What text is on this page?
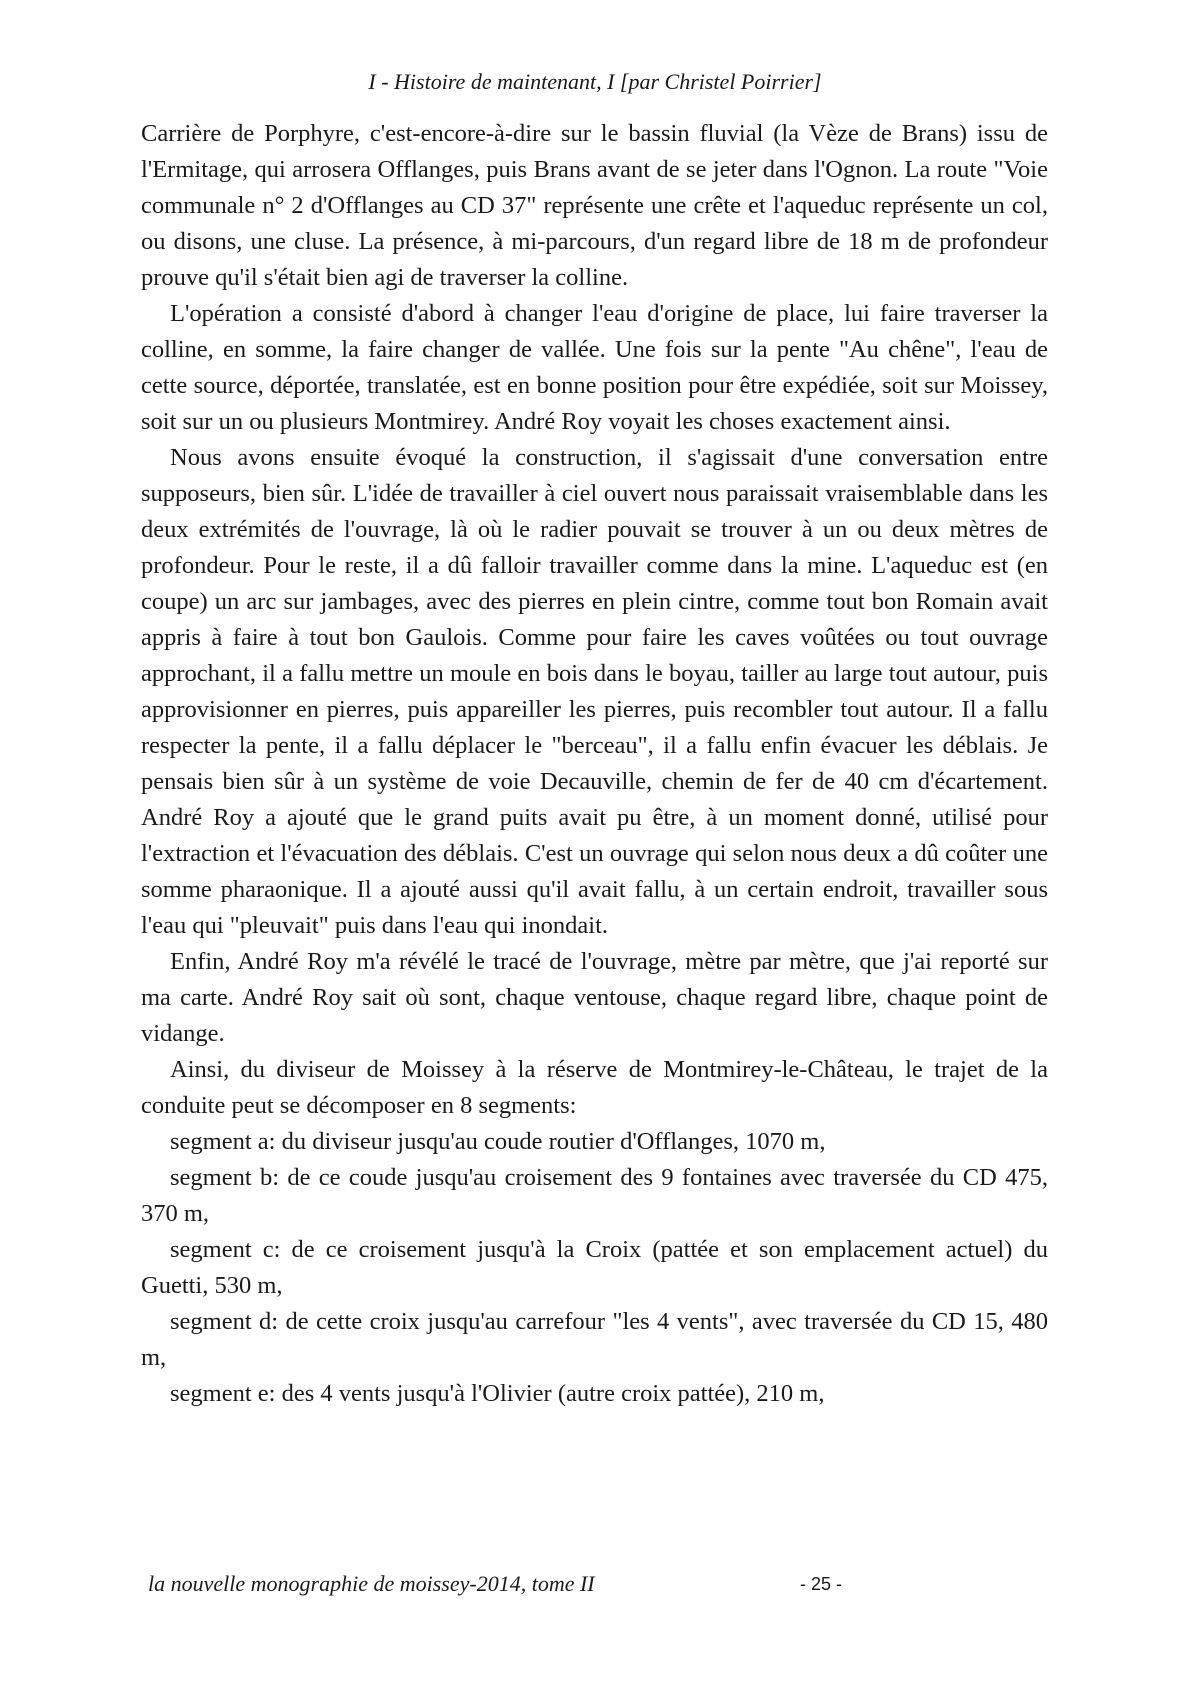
I - Histoire de maintenant, I [par Christel Poirrier]

Carrière de Porphyre, c'est-encore-à-dire sur le bassin fluvial (la Vèze de Brans) issu de l'Ermitage, qui arrosera Offlanges, puis Brans avant de se jeter dans l'Ognon. La route "Voie communale n° 2 d'Offlanges au CD 37" représente une crête et l'aqueduc représente un col, ou disons, une cluse. La présence, à mi-parcours, d'un regard libre de 18 m de profondeur prouve qu'il s'était bien agi de traverser la colline.

L'opération a consisté d'abord à changer l'eau d'origine de place, lui faire traverser la colline, en somme, la faire changer de vallée. Une fois sur la pente "Au chêne", l'eau de cette source, déportée, translatée, est en bonne position pour être expédiée, soit sur Moissey, soit sur un ou plusieurs Montmirey. André Roy voyait les choses exactement ainsi.

Nous avons ensuite évoqué la construction, il s'agissait d'une conversation entre supposeurs, bien sûr. L'idée de travailler à ciel ouvert nous paraissait vraisemblable dans les deux extrémités de l'ouvrage, là où le radier pouvait se trouver à un ou deux mètres de profondeur. Pour le reste, il a dû falloir travailler comme dans la mine. L'aqueduc est (en coupe) un arc sur jambages, avec des pierres en plein cintre, comme tout bon Romain avait appris à faire à tout bon Gaulois. Comme pour faire les caves voûtées ou tout ouvrage approchant, il a fallu mettre un moule en bois dans le boyau, tailler au large tout autour, puis approvisionner en pierres, puis appareiller les pierres, puis recombler tout autour. Il a fallu respecter la pente, il a fallu déplacer le "berceau", il a fallu enfin évacuer les déblais. Je pensais bien sûr à un système de voie Decauville, chemin de fer de 40 cm d'écartement. André Roy a ajouté que le grand puits avait pu être, à un moment donné, utilisé pour l'extraction et l'évacuation des déblais. C'est un ouvrage qui selon nous deux a dû coûter une somme pharaonique. Il a ajouté aussi qu'il avait fallu, à un certain endroit, travailler sous l'eau qui "pleuvait" puis dans l'eau qui inondait.

Enfin, André Roy m'a révélé le tracé de l'ouvrage, mètre par mètre, que j'ai reporté sur ma carte. André Roy sait où sont, chaque ventouse, chaque regard libre, chaque point de vidange.

Ainsi, du diviseur de Moissey à la réserve de Montmirey-le-Château, le trajet de la conduite peut se décomposer en 8 segments:

segment a: du diviseur jusqu'au coude routier d'Offlanges, 1070 m,

segment b: de ce coude jusqu'au croisement des 9 fontaines avec traversée du CD 475, 370 m,

segment c: de ce croisement jusqu'à la Croix (pattée et son emplacement actuel) du Guetti, 530 m,

segment d: de cette croix jusqu'au carrefour "les 4 vents", avec traversée du CD 15, 480 m,

segment e: des 4 vents jusqu'à l'Olivier (autre croix pattée), 210 m,

la nouvelle monographie de moissey-2014, tome II	- 25 -
